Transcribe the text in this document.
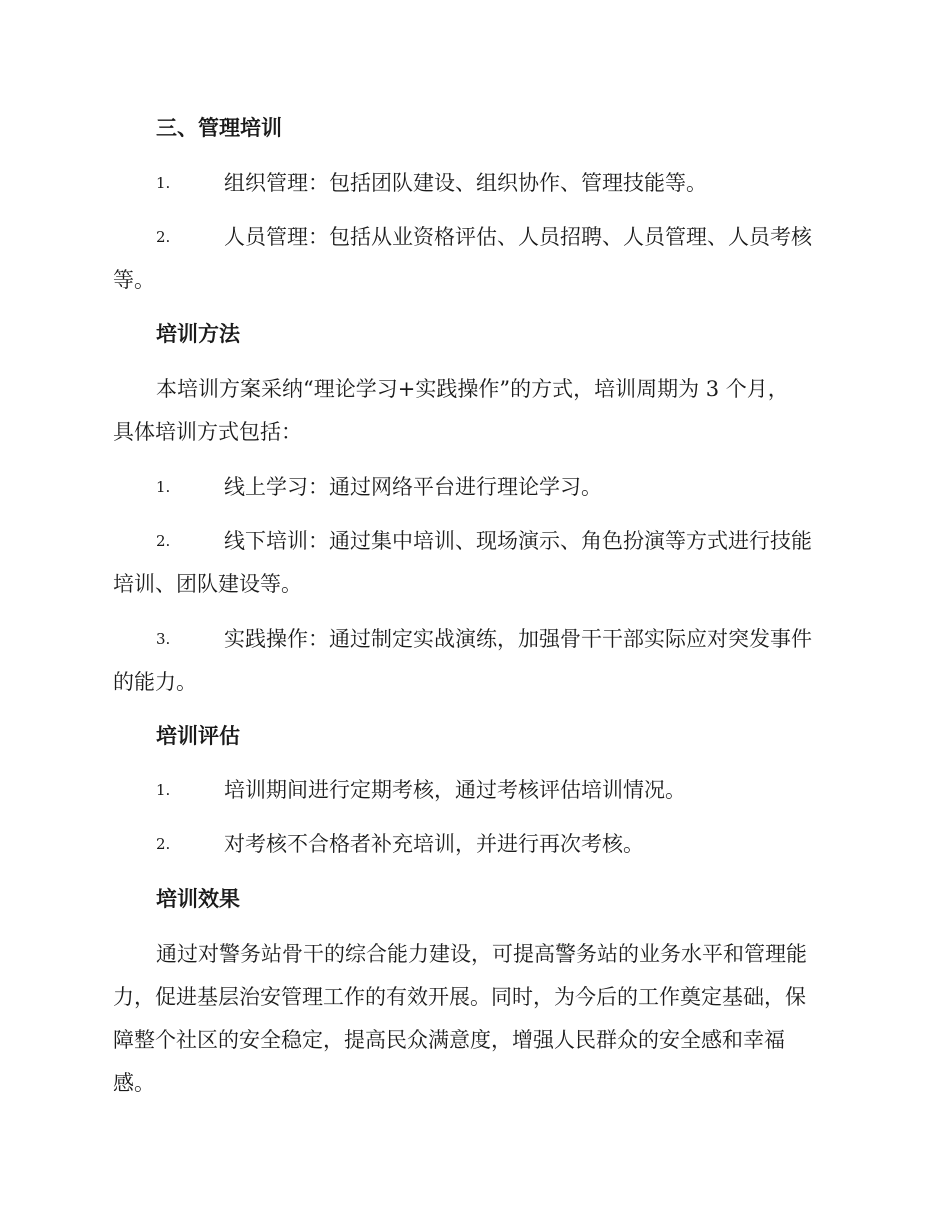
三、管理培训
1.	组织管理：包括团队建设、组织协作、管理技能等。
2.	人员管理：包括从业资格评估、人员招聘、人员管理、人员考核
等。
培训方法
本培训方案采纳“理论学习+实践操作”的方式，培训周期为 3 个月，
具体培训方式包括：
1.	线上学习：通过网络平台进行理论学习。
2.	线下培训：通过集中培训、现场演示、角色扮演等方式进行技能
培训、团队建设等。
3.	实践操作：通过制定实战演练，加强骨干干部实际应对突发事件
的能力。
培训评估
1.	培训期间进行定期考核，通过考核评估培训情况。
2.	对考核不合格者补充培训，并进行再次考核。
培训效果
通过对警务站骨干的综合能力建设，可提高警务站的业务水平和管理能
力，促进基层治安管理工作的有效开展。同时，为今后的工作奠定基础，保
障整个社区的安全稳定，提高民众满意度，增强人民群众的安全感和幸福
感。
